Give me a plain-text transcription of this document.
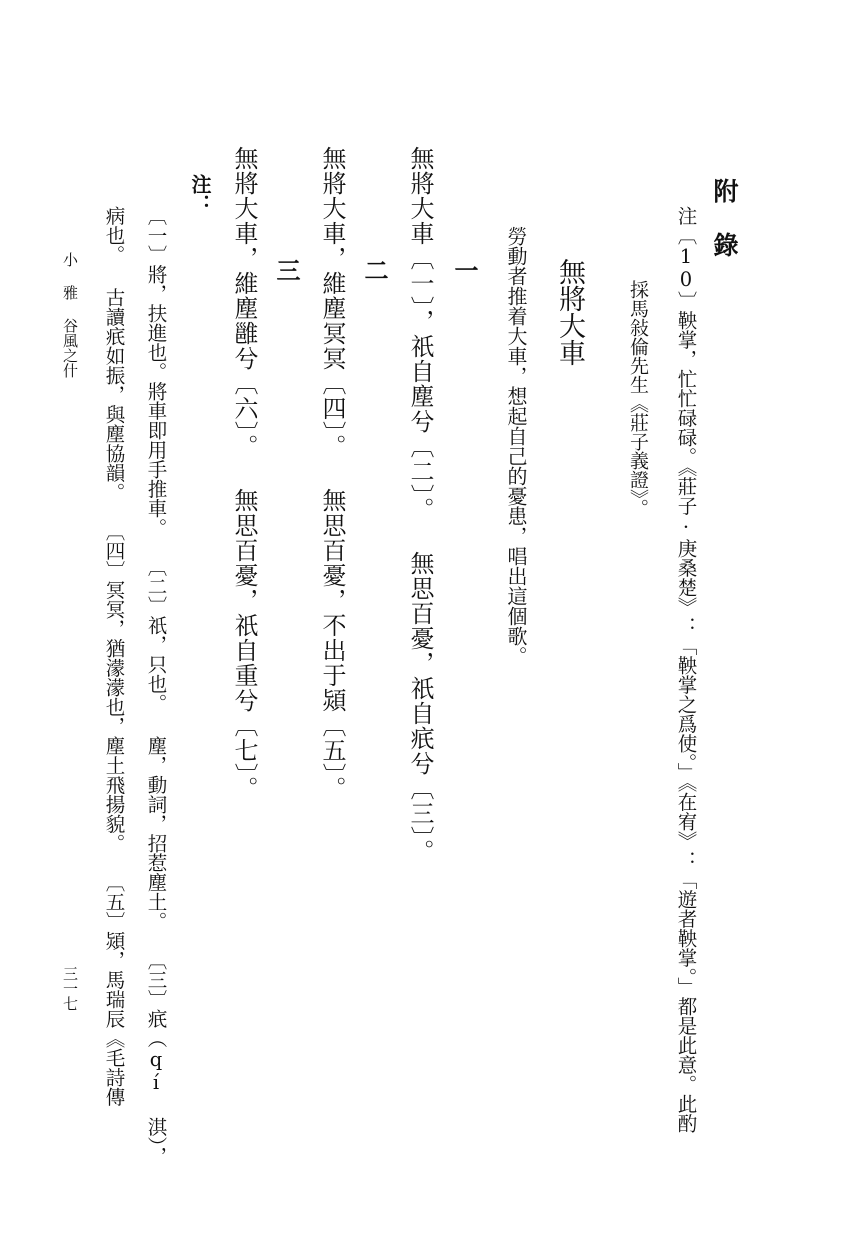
附 錄
注〔10〕鞅掌，忙忙碌碌。《莊子·庚桑楚》：「鞅掌之爲使。」《在宥》：「遊者鞅掌。」都是此意。此酌
採馬敍倫先生《莊子義證》。
無將大車
勞動者推着大車，想起自己的憂患，唱出這個歌。
一
無將大車〔一〕，祇自塵兮〔二〕。 無思百憂，祇自疧兮〔三〕。
二
無將大車，維塵冥冥〔四〕。 無思百憂，不出于熲〔五〕。
三
無將大車，維塵雝兮〔六〕。 無思百憂，祇自重兮〔七〕。
注：
〔一〕將，扶進也。將車即用手推車。　　〔二〕祇，只也。 塵，動詞，招惹塵土。　　〔三〕疧（qí 淇），
病也。 古讀疧如振，與塵協韻。　　〔四〕冥冥，猶濛濛也，塵土飛揚貌。　　〔五〕熲，馬瑞辰《毛詩傳
小 雅 谷風之什
三一七
